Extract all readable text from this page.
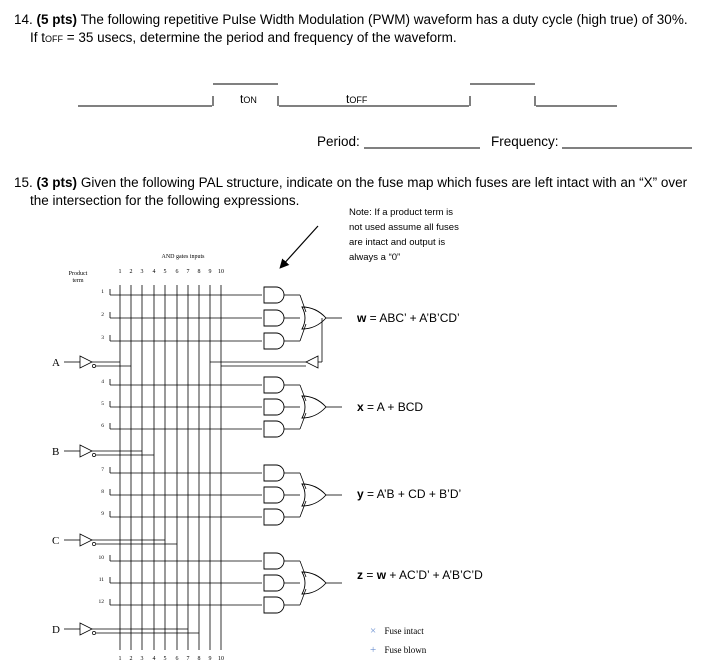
14. (5 pts) The following repetitive Pulse Width Modulation (PWM) waveform has a duty cycle (high true) of 30%.
If tOFF = 35 usecs, determine the period and frequency of the waveform.
tON	tOFF
Period:	Frequency:
15. (3 pts) Given the following PAL structure, indicate on the fuse map which fuses are left intact with an “X” over
the intersection for the following expressions.
Note: If a product term is
not used assume all fuses
are intact and output is
always a “0”
AND gates inputs
Product
term
1
1
2
2
3
3
4
4
5
5
6
6
7
7
8
8
9
9
10
10
1
2
3
4
5
6
7
8
9
10
11
12
A
B
C
D
w = ABC’ + A’B’CD’
x = A + BCD
y = A’B + CD + B’D’
z = w + AC’D’ + A’B’C’D
× Fuse intact
+ Fuse blown
